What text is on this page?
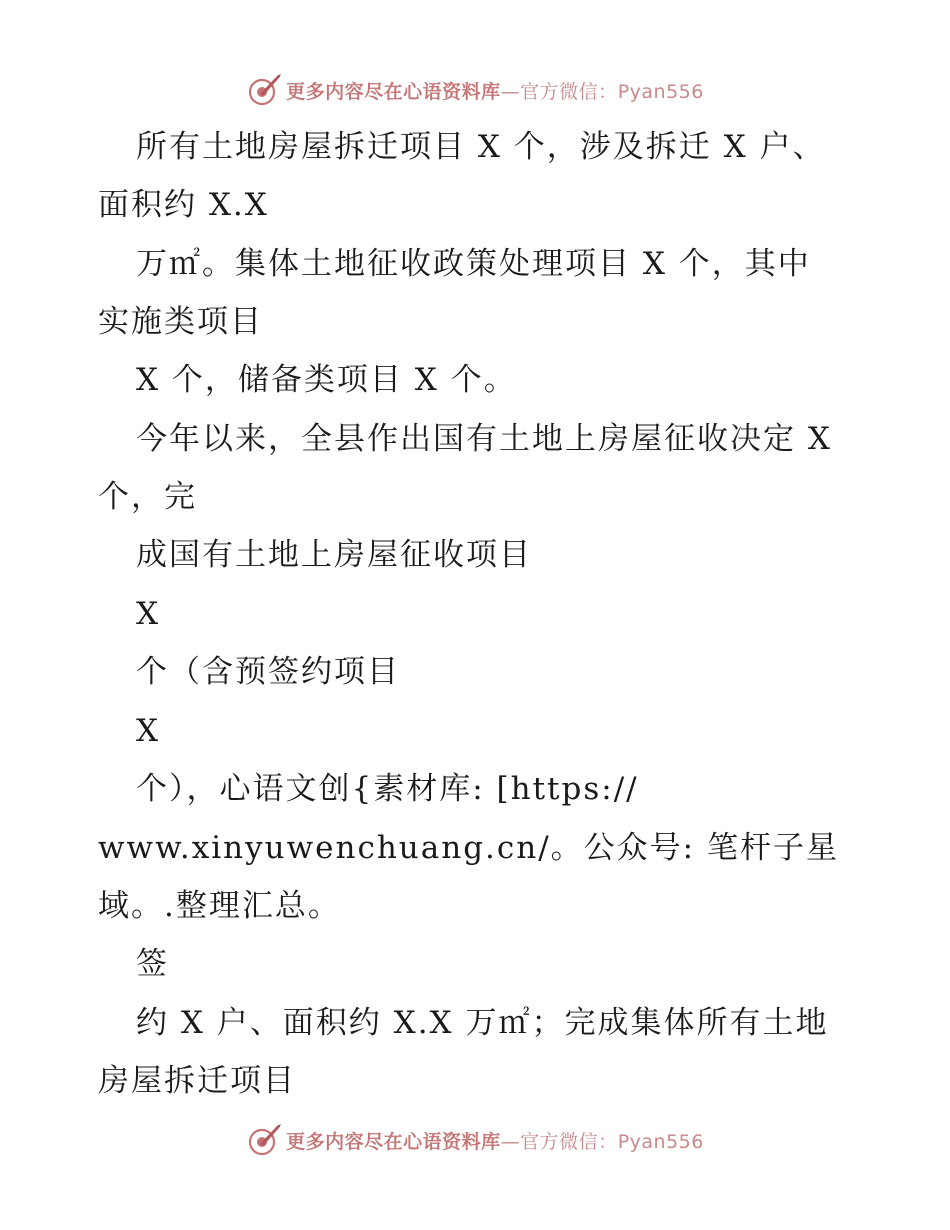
更多内容尽在心语资料库—官方微信：Pyan556
所有土地房屋拆迁项目 X 个，涉及拆迁 X 户、
面积约 X.X
万㎡。集体土地征收政策处理项目 X 个，其中
实施类项目
X 个，储备类项目 X 个。
今年以来，全县作出国有土地上房屋征收决定 X
个，完
成国有土地上房屋征收项目
X
个（含预签约项目
X
个），心语文创{素材库: [https://
www.xinyuwenchuang.cn/。公众号: 笔杆子星
域。.整理汇总。
签
约 X 户、面积约 X.X 万㎡；完成集体所有土地
房屋拆迁项目
更多内容尽在心语资料库—官方微信：Pyan556
